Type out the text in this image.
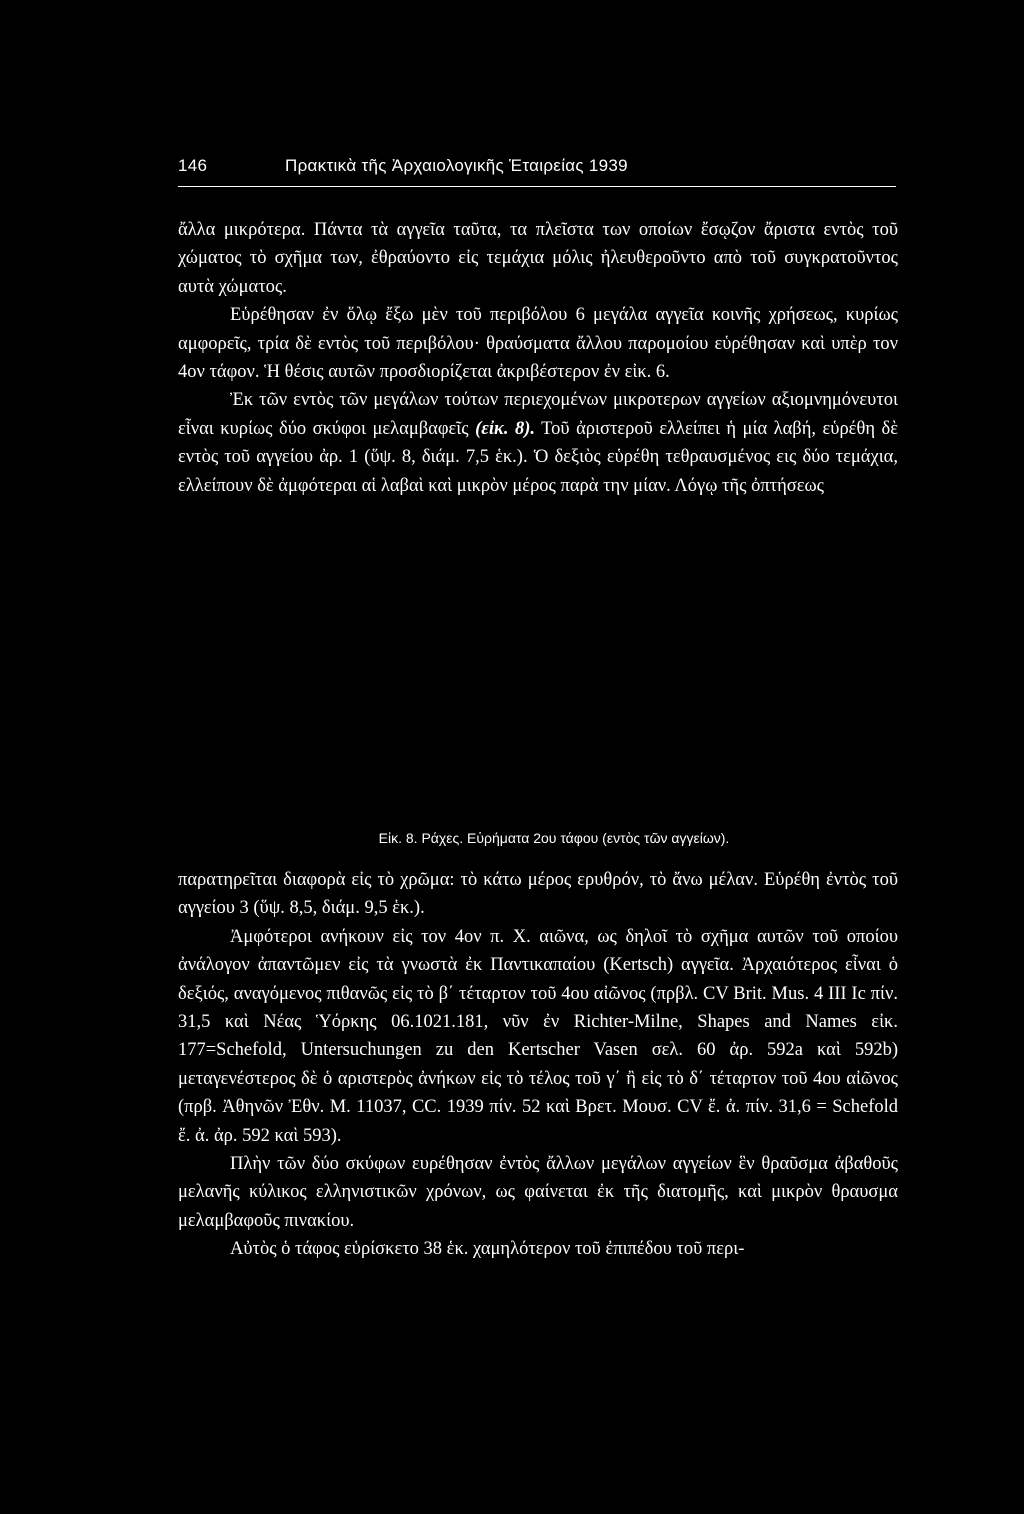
146	Πρακτικὰ τῆς Ἀρχαιολογικῆς Ἑταιρείας 1939

ἄλλα μικρότερα. Πάντα τὰ αγγεῖα ταῦτα, τα πλεῖστα των οποίων ἔσῳζον ἄριστα εντὸς τοῦ χώματος τὸ σχῆμα των, ἐθραύοντο εἰς τεμάχια μόλις ἠλευθεροῦντο απὸ τοῦ συγκρατοῦντος αυτὰ χώματος.

Εὑρέθησαν ἐν ὅλῳ ἔξω μὲν τοῦ περιβόλου 6 μεγάλα αγγεῖα κοινῆς χρήσεως, κυρίως αμφορεῖς, τρία δὲ εντὸς τοῦ περιβόλου· θραύσματα ἄλλου παρομοίου εὑρέθησαν καὶ υπὲρ τον 4ον τάφον. Ἡ θέσις αυτῶν προσδιορίζεται ἀκριβέστερον ἐν εἰκ. 6.

Ἐκ τῶν εντὸς τῶν μεγάλων τούτων περιεχομένων μικροτερων αγγείων αξιομνημόνευτοι εἶναι κυρίως δύο σκύφοι μελαμβαφεῖς (εἰκ. 8). Τοῦ ἀριστεροῦ ελλείπει ἡ μία λαβή, εὑρέθη δὲ εντὸς τοῦ αγγείου ἀρ. 1 (ὕψ. 8, διάμ. 7,5 ἑκ.). Ὁ δεξιὸς εὑρέθη τεθραυσμένος εις δύο τεμάχια, ελλείπουν δὲ ἀμφότεραι αἱ λαβαὶ καὶ μικρὸν μέρος παρὰ την μίαν. Λόγῳ τῆς ὀπτήσεως

Εἰκ. 8. Ράχες. Εὑρήματα 2ου τάφου (εντὸς τῶν αγγείων).

παρατηρεῖται διαφορὰ εἰς τὸ χρῶμα: τὸ κάτω μέρος ερυθρόν, τὸ ἄνω μέλαν. Εὑρέθη ἐντὸς τοῦ αγγείου 3 (ὕψ. 8,5, διάμ. 9,5 ἑκ.).

Ἀμφότεροι ανήκουν εἰς τον 4ον π. Χ. αιῶνα, ως δηλοῖ τὸ σχῆμα αυτῶν τοῦ οποίου ἀνάλογον ἀπαντῶμεν εἰς τὰ γνωστὰ ἐκ Παντικαπαίου (Kertsch) αγγεῖα. Ἀρχαιότερος εἶναι ὁ δεξιός, αναγόμενος πιθανῶς εἰς τὸ β΄ τέταρτον τοῦ 4ου αἰῶνος (πρβλ. CV Brit. Mus. 4 III Ic πίν. 31,5 καὶ Νέας Ὑόρκης 06.1021.181, νῦν ἐν Richter-Milne, Shapes and Names εἰκ. 177=Schefold, Untersuchungen zu den Kertscher Vasen σελ. 60 ἀρ. 592a καὶ 592b) μεταγενέστερος δὲ ὁ αριστερὸς ἀνήκων εἰς τὸ τέλος τοῦ γ΄ ἢ εἰς τὸ δ΄ τέταρτον τοῦ 4ου αἰῶνος (πρβ. Ἀθηνῶν Ἐθν. Μ. 11037, CC. 1939 πίν. 52 καὶ Βρετ. Μουσ. CV ἔ. ἀ. πίν. 31,6 = Schefold ἔ. ἀ. ἀρ. 592 καὶ 593).

Πλὴν τῶν δύο σκύφων ευρέθησαν ἐντὸς ἄλλων μεγάλων αγγείων ἓν θραῦσμα ἀβαθοῦς μελανῆς κύλικος ελληνιστικῶν χρόνων, ως φαίνεται ἐκ τῆς διατομῆς, καὶ μικρὸν θραυσμα μελαμβαφοῦς πινακίου.

Αὐτὸς ὁ τάφος εὑρίσκετο 38 ἑκ. χαμηλότερον τοῦ ἐπιπέδου τοῦ περι-
